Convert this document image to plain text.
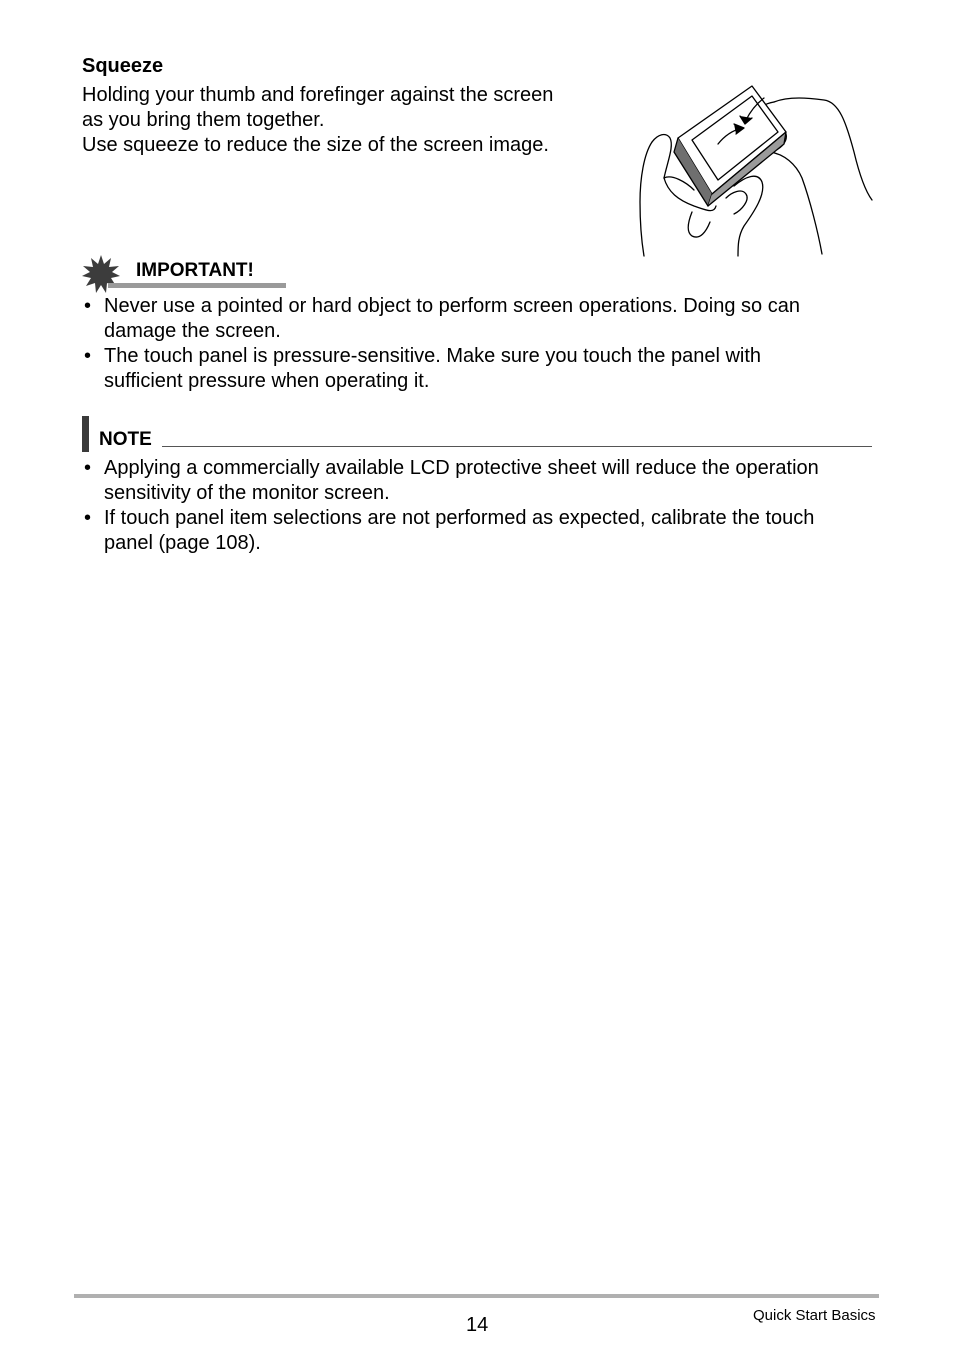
Squeeze
Holding your thumb and forefinger against the screen
as you bring them together.
Use squeeze to reduce the size of the screen image.
IMPORTANT!
• Never use a pointed or hard object to perform screen operations. Doing so can
damage the screen.
• The touch panel is pressure-sensitive. Make sure you touch the panel with
sufficient pressure when operating it.
NOTE
• Applying a commercially available LCD protective sheet will reduce the operation
sensitivity of the monitor screen.
• If touch panel item selections are not performed as expected, calibrate the touch
panel (page 108).
14	Quick Start Basics
